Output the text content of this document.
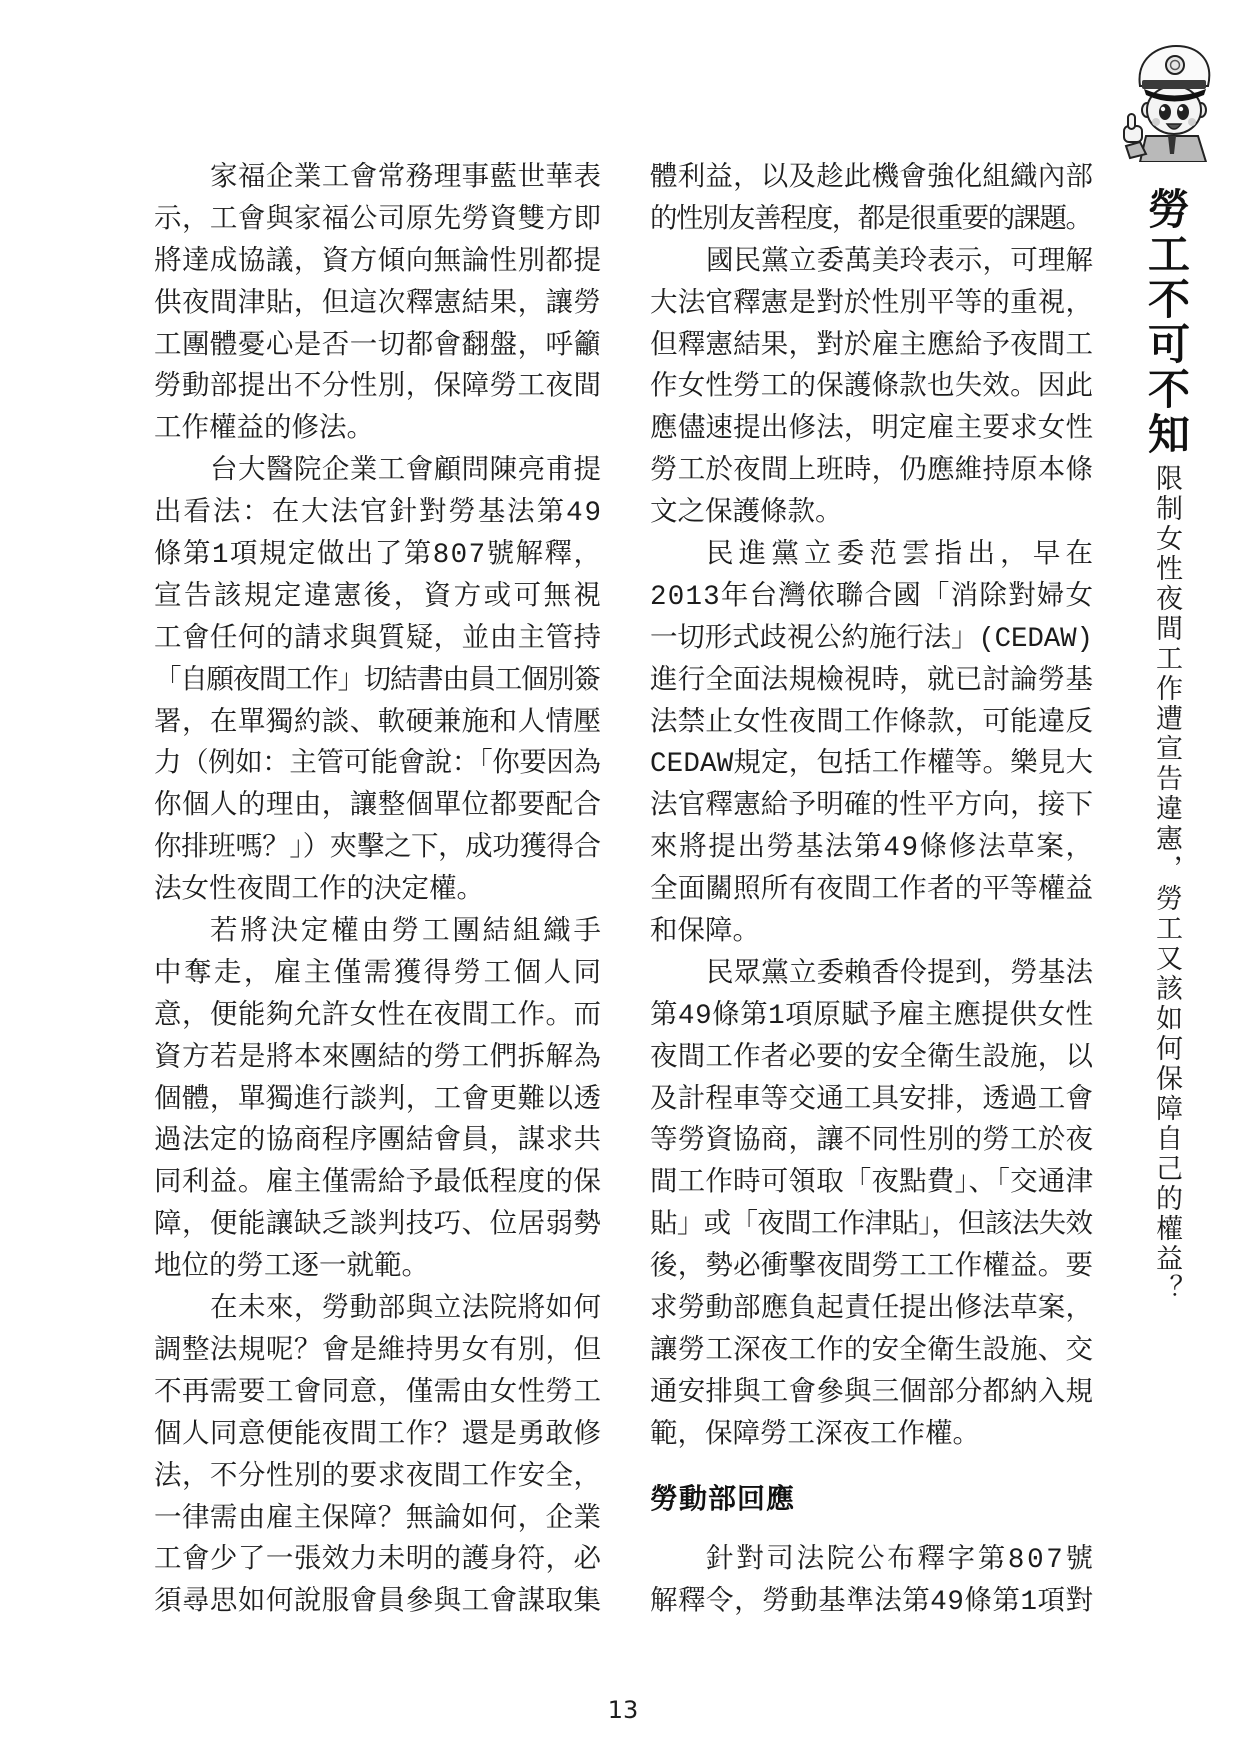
勞工不可不知
限制女性夜間工作遭宣告違憲，勞工又該如何保障自己的權益？
家福企業工會常務理事藍世華表
示，工會與家福公司原先勞資雙方即
將達成協議，資方傾向無論性別都提
供夜間津貼，但這次釋憲結果，讓勞
工團體憂心是否一切都會翻盤，呼籲
勞動部提出不分性別，保障勞工夜間
工作權益的修法。
台大醫院企業工會顧問陳亮甫提
出看法：在大法官針對勞基法第49
條第1項規定做出了第807號解釋，
宣告該規定違憲後，資方或可無視
工會任何的請求與質疑，並由主管持
「自願夜間工作」切結書由員工個別簽
署，在單獨約談、軟硬兼施和人情壓
力（例如：主管可能會說：「你要因為
你個人的理由，讓整個單位都要配合
你排班嗎？」）夾擊之下，成功獲得合
法女性夜間工作的決定權。
若將決定權由勞工團結組織手
中奪走，雇主僅需獲得勞工個人同
意，便能夠允許女性在夜間工作。而
資方若是將本來團結的勞工們拆解為
個體，單獨進行談判，工會更難以透
過法定的協商程序團結會員，謀求共
同利益。雇主僅需給予最低程度的保
障，便能讓缺乏談判技巧、位居弱勢
地位的勞工逐一就範。
在未來，勞動部與立法院將如何
調整法規呢？會是維持男女有別，但
不再需要工會同意，僅需由女性勞工
個人同意便能夜間工作？還是勇敢修
法，不分性別的要求夜間工作安全，
一律需由雇主保障？無論如何，企業
工會少了一張效力未明的護身符，必
須尋思如何說服會員參與工會謀取集
體利益，以及趁此機會強化組織內部
的性別友善程度，都是很重要的課題。
國民黨立委萬美玲表示，可理解
大法官釋憲是對於性別平等的重視，
但釋憲結果，對於雇主應給予夜間工
作女性勞工的保護條款也失效。因此
應儘速提出修法，明定雇主要求女性
勞工於夜間上班時，仍應維持原本條
文之保護條款。
民進黨立委范雲指出，早在
2013年台灣依聯合國「消除對婦女
一切形式歧視公約施行法」(CEDAW)
進行全面法規檢視時，就已討論勞基
法禁止女性夜間工作條款，可能違反
CEDAW規定，包括工作權等。樂見大
法官釋憲給予明確的性平方向，接下
來將提出勞基法第49條修法草案，
全面關照所有夜間工作者的平等權益
和保障。
民眾黨立委賴香伶提到，勞基法
第49條第1項原賦予雇主應提供女性
夜間工作者必要的安全衛生設施，以
及計程車等交通工具安排，透過工會
等勞資協商，讓不同性別的勞工於夜
間工作時可領取「夜點費」、「交通津
貼」或「夜間工作津貼」，但該法失效
後，勢必衝擊夜間勞工工作權益。要
求勞動部應負起責任提出修法草案，
讓勞工深夜工作的安全衛生設施、交
通安排與工會參與三個部分都納入規
範，保障勞工深夜工作權。
勞動部回應
針對司法院公布釋字第807號
解釋令，勞動基準法第49條第1項對
13
